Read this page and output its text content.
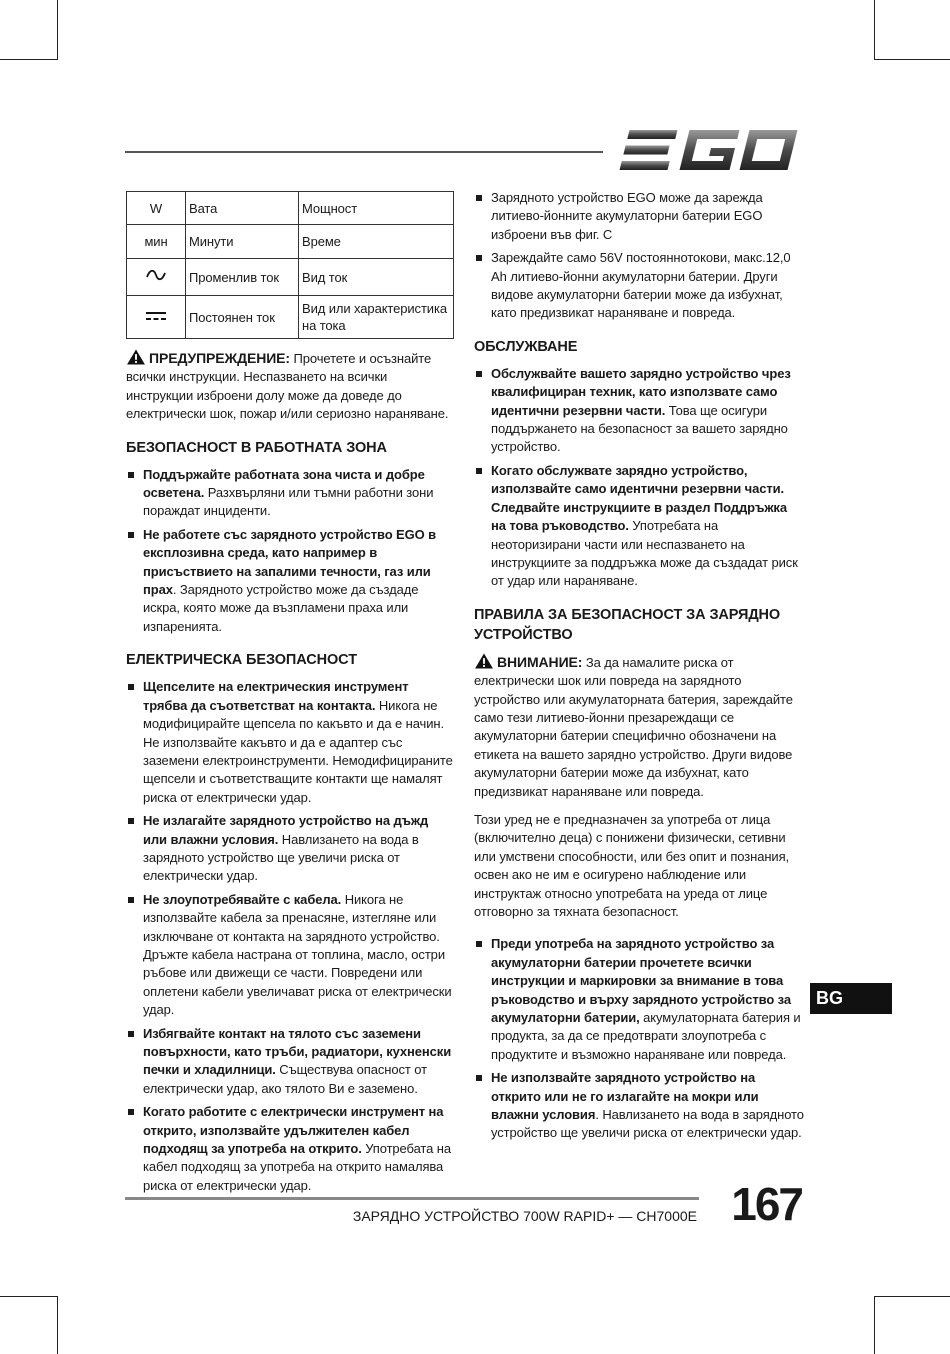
W	Вата	Мощност
мин	Минути	Време
	Променлив ток	Вид ток
	Постоянен ток	Вид или характеристика на тока

ПРЕДУПРЕЖДЕНИЕ: Прочетете и осъзнайте всички инструкции. Неспазването на всички инструкции изброени долу може да доведе до електрически шок, пожар и/или сериозно нараняване.

БЕЗОПАСНОСТ В РАБОТНАТА ЗОНА
Поддържайте работната зона чиста и добре осветена. Разхвърляни или тъмни работни зони пораждат инциденти.
Не работете със зарядното устройство EGO в експлозивна среда, като например в присъствието на запалими течности, газ или прах. Зарядното устройство може да създаде искра, която може да възпламени праха или изпаренията.
ЕЛЕКТРИЧЕСКА БЕЗОПАСНОСТ
Щепселите на електрическия инструмент трябва да съответстват на контакта. Никога не модифицирайте щепсела по какъвто и да е начин. Не използвайте какъвто и да е адаптер със заземени електроинструменти. Немодифицираните щепсели и съответстващите контакти ще намалят риска от електрически удар.
Не излагайте зарядното устройство на дъжд или влажни условия. Навлизането на вода в зарядното устройство ще увеличи риска от електрически удар.
Не злоупотребявайте с кабела. Никога не използвайте кабела за пренасяне, изтегляне или изключване от контакта на зарядното устройство. Дръжте кабела настрана от топлина, масло, остри ръбове или движещи се части. Повредени или оплетени кабели увеличават риска от електрически удар.
Избягвайте контакт на тялото със заземени повърхности, като тръби, радиатори, кухненски печки и хладилници. Съществува опасност от електрически удар, ако тялото Ви е заземено.
Когато работите с електрически инструмент на открито, използвайте удължителен кабел подходящ за употреба на открито. Употребата на кабел подходящ за употреба на открито намалява риска от електрически удар.
Зарядното устройство EGO може да зарежда литиево-йонните акумулаторни батерии EGO изброени във фиг. С
Зареждайте само 56V постояннотокови, макс.12,0 Ah литиево-йонни акумулаторни батерии. Други видове акумулаторни батерии може да избухнат, като предизвикат нараняване и повреда.
ОБСЛУЖВАНЕ
Обслужвайте вашето зарядно устройство чрез квалифициран техник, като използвате само идентични резервни части. Това ще осигури поддържането на безопасност за вашето зарядно устройство.
Когато обслужвате зарядно устройство, използвайте само идентични резервни части. Следвайте инструкциите в раздел Поддръжка на това ръководство. Употребата на неоторизирани части или неспазването на инструкциите за поддръжка може да създадат риск от удар или нараняване.
ПРАВИЛА ЗА БЕЗОПАСНОСТ ЗА ЗАРЯДНО УСТРОЙСТВО

ВНИМАНИЕ: За да намалите риска от електрически шок или повреда на зарядното устройство или акумулаторната батерия, зареждайте само тези литиево-йонни презареждащи се акумулаторни батерии специфично обозначени на етикета на вашето зарядно устройство. Други видове акумулаторни батерии може да избухнат, като предизвикат нараняване или повреда.

Този уред не е предназначен за употреба от лица (включително деца) с понижени физически, сетивни или умствени способности, или без опит и познания, освен ако не им е осигурено наблюдение или инструктаж относно употребата на уреда от лице отговорно за тяхната безопасност.

Преди употреба на зарядното устройство за акумулаторни батерии прочетете всички инструкции и маркировки за внимание в това ръководство и върху зарядното устройство за акумулаторни батерии, акумулаторната батерия и продукта, за да се предотврати злоупотреба с продуктите и възможно нараняване или повреда.
Не използвайте зарядното устройство на открито или не го излагайте на мокри или влажни условия. Навлизането на вода в зарядното устройство ще увеличи риска от електрически удар.
BG
ЗАРЯДНО УСТРОЙСТВО 700W RAPID+ — CH7000E 167
